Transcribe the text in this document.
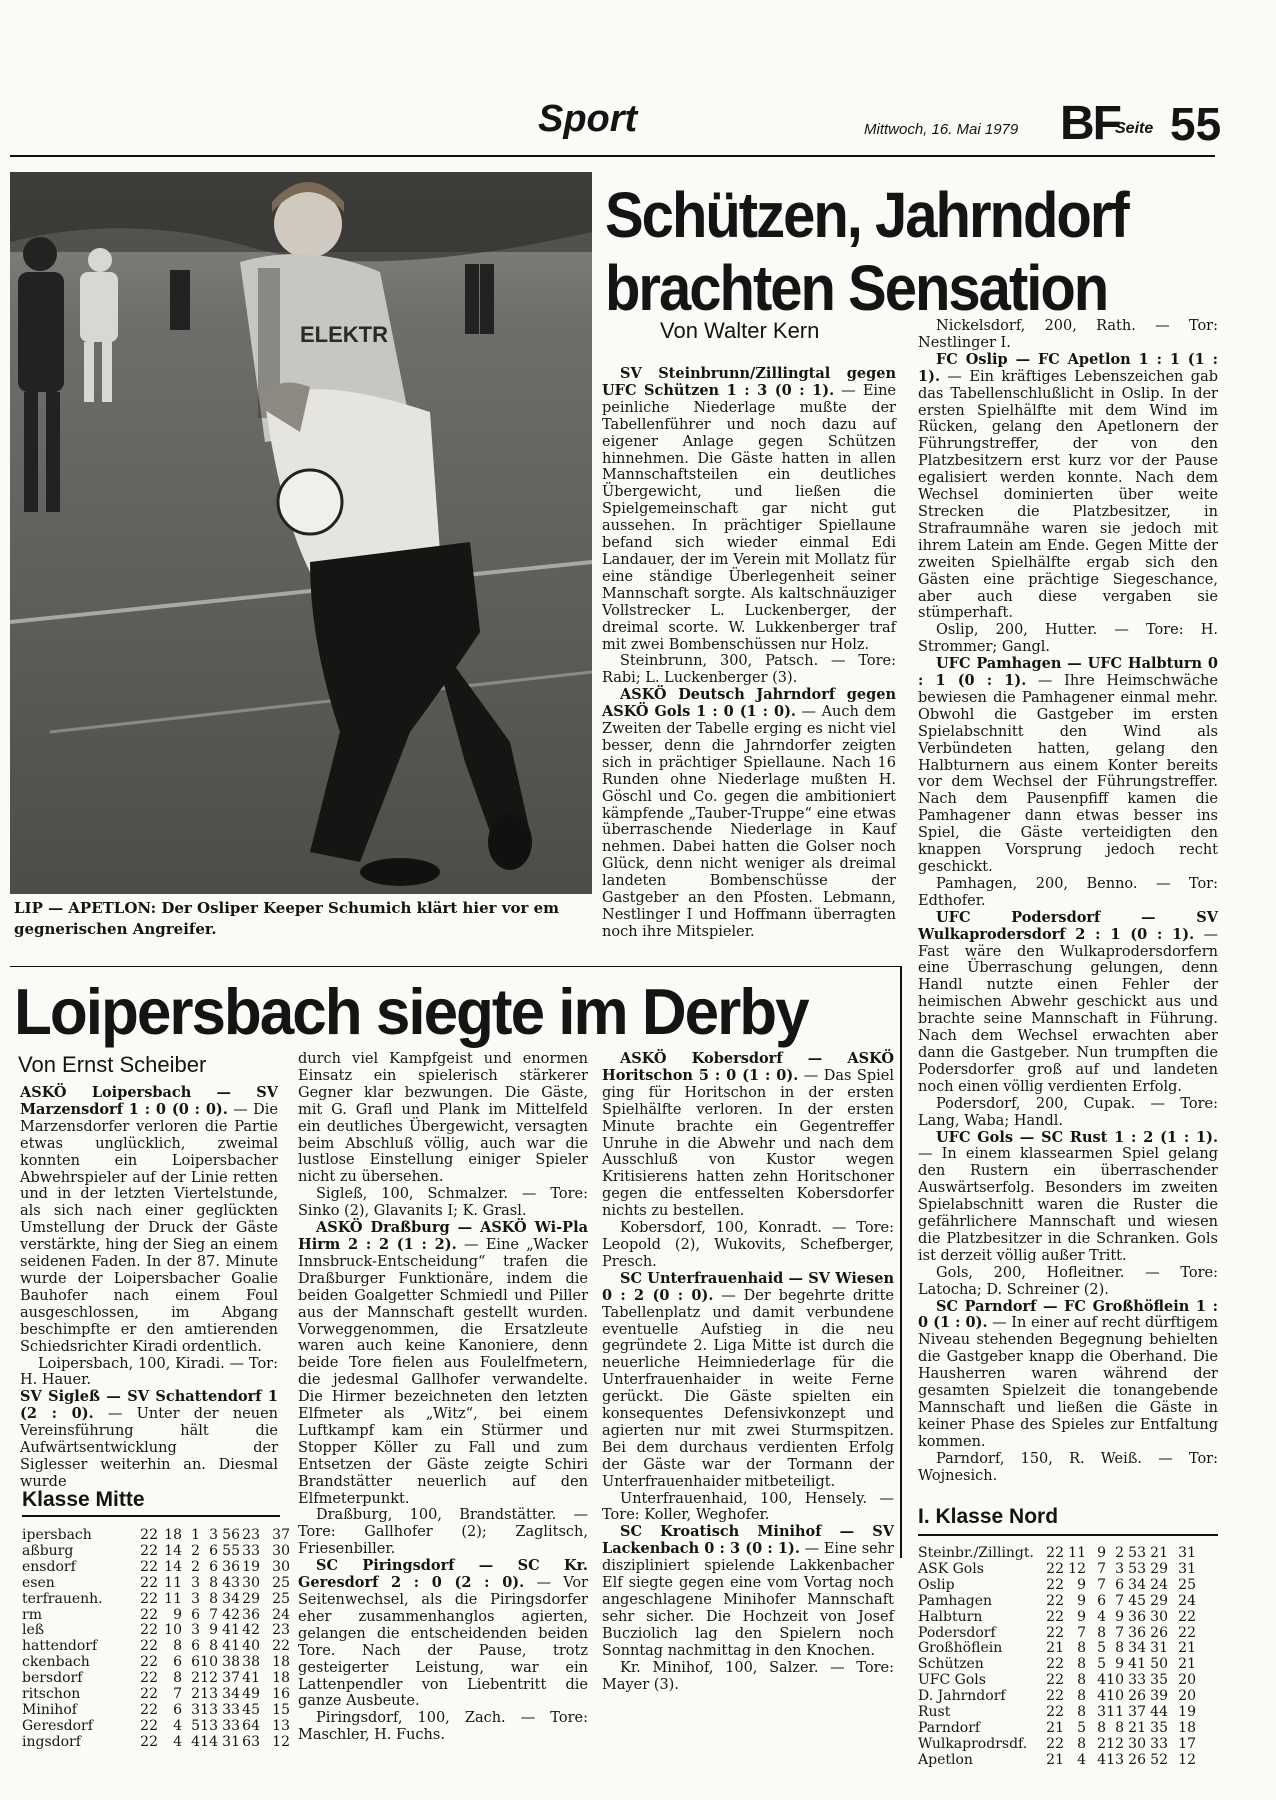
Sport	Mittwoch, 16. Mai 1979 BF
Seite 55
ELEKTR
LIP — APETLON: Der Osliper Keeper Schumich klärt hier vor em gegnerischen Angreifer.
Schützen, Jahrndorf
brachten Sensation
Von Walter Kern

SV Steinbrunn/Zillingtal gegen UFC Schützen 1 : 3 (0 : 1). — Eine peinliche Niederlage mußte der Tabellenführer und noch dazu auf eigener Anlage gegen Schützen hinnehmen. Die Gäste hatten in allen Mannschaftsteilen ein deutliches Übergewicht, und ließen die Spielgemeinschaft gar nicht gut aussehen. In prächtiger Spiellaune befand sich wieder einmal Edi Landauer, der im Verein mit Mollatz für eine ständige Überlegenheit seiner Mannschaft sorgte. Als kaltschnäuziger Vollstrecker L. Luckenberger, der dreimal scorte. W. Lukkenberger traf mit zwei Bombenschüssen nur Holz.

Steinbrunn, 300, Patsch. — Tore: Rabi; L. Luckenberger (3).

ASKÖ Deutsch Jahrndorf gegen ASKÖ Gols 1 : 0 (1 : 0). — Auch dem Zweiten der Tabelle erging es nicht viel besser, denn die Jahrndorfer zeigten sich in prächtiger Spiellaune. Nach 16 Runden ohne Niederlage mußten H. Göschl und Co. gegen die ambitioniert kämpfende „Tauber-Truppe“ eine etwas überraschende Niederlage in Kauf nehmen. Dabei hatten die Golser noch Glück, denn nicht weniger als dreimal landeten Bombenschüsse der Gastgeber an den Pfosten. Lebmann, Nestlinger I und Hoffmann überragten noch ihre Mitspieler.

Nickelsdorf, 200, Rath. — Tor: Nestlinger I.

FC Oslip — FC Apetlon 1 : 1 (1 : 1). — Ein kräftiges Lebenszeichen gab das Tabellenschlußlicht in Oslip. In der ersten Spielhälfte mit dem Wind im Rücken, gelang den Apetlonern der Führungstreffer, der von den Platzbesitzern erst kurz vor der Pause egalisiert werden konnte. Nach dem Wechsel dominierten über weite Strecken die Platzbesitzer, in Strafraumnähe waren sie jedoch mit ihrem Latein am Ende. Gegen Mitte der zweiten Spielhälfte ergab sich den Gästen eine prächtige Siegeschance, aber auch diese vergaben sie stümperhaft.

Oslip, 200, Hutter. — Tore: H. Strommer; Gangl.

UFC Pamhagen — UFC Halbturn 0 : 1 (0 : 1). — Ihre Heimschwäche bewiesen die Pamhagener einmal mehr. Obwohl die Gastgeber im ersten Spielabschnitt den Wind als Verbündeten hatten, gelang den Halbturnern aus einem Konter bereits vor dem Wechsel der Führungstreffer. Nach dem Pausenpfiff kamen die Pamhagener dann etwas besser ins Spiel, die Gäste verteidigten den knappen Vorsprung jedoch recht geschickt.

Pamhagen, 200, Benno. — Tor: Edthofer.

UFC Podersdorf — SV Wulkaprodersdorf 2 : 1 (0 : 1). — Fast wäre den Wulkaprodersdorfern eine Überraschung gelungen, denn Handl nutzte einen Fehler der heimischen Abwehr geschickt aus und brachte seine Mannschaft in Führung. Nach dem Wechsel erwachten aber dann die Gastgeber. Nun trumpften die Podersdorfer groß auf und landeten noch einen völlig verdienten Erfolg.

Podersdorf, 200, Cupak. — Tore: Lang, Waba; Handl.

UFC Gols — SC Rust 1 : 2 (1 : 1). — In einem klassearmen Spiel gelang den Rustern ein überraschender Auswärtserfolg. Besonders im zweiten Spielabschnitt waren die Ruster die gefährlichere Mannschaft und wiesen die Platzbesitzer in die Schranken. Gols ist derzeit völlig außer Tritt.

Gols, 200, Hofleitner. — Tore: Latocha; D. Schreiner (2).

SC Parndorf — FC Großhöflein 1 : 0 (1 : 0). — In einer auf recht dürftigem Niveau stehenden Begegnung behielten die Gastgeber knapp die Oberhand. Die Hausherren waren während der gesamten Spielzeit die tonangebende Mannschaft und ließen die Gäste in keiner Phase des Spieles zur Entfaltung kommen.

Parndorf, 150, R. Weiß. — Tor: Wojnesich.

Loipersbach siegte im Derby
Von Ernst Scheiber

ASKÖ Loipersbach — SV Marzensdorf 1 : 0 (0 : 0). — Die Marzensdorfer verloren die Partie etwas unglücklich, zweimal konnten ein Loipersbacher Abwehrspieler auf der Linie retten und in der letzten Viertelstunde, als sich nach einer geglückten Umstellung der Druck der Gäste verstärkte, hing der Sieg an einem seidenen Faden. In der 87. Minute wurde der Loipersbacher Goalie Bauhofer nach einem Foul ausgeschlossen, im Abgang beschimpfte er den amtierenden Schiedsrichter Kiradi ordentlich.

Loipersbach, 100, Kiradi. — Tor: H. Hauer.

SV Sigleß — SV Schattendorf 1 (2 : 0). — Unter der neuen Vereinsführung hält die Aufwärtsentwicklung der Siglesser weiterhin an. Diesmal wurde

durch viel Kampfgeist und enormen Einsatz ein spielerisch stärkerer Gegner klar bezwungen. Die Gäste, mit G. Grafl und Plank im Mittelfeld ein deutliches Übergewicht, versagten beim Abschluß völlig, auch war die lustlose Einstellung einiger Spieler nicht zu übersehen.

Sigleß, 100, Schmalzer. — Tore: Sinko (2), Glavanits I; K. Grasl.

ASKÖ Draßburg — ASKÖ Wi-Pla Hirm 2 : 2 (1 : 2). — Eine „Wacker Innsbruck-Entscheidung“ trafen die Draßburger Funktionäre, indem die beiden Goalgetter Schmiedl und Piller aus der Mannschaft gestellt wurden. Vorweggenommen, die Ersatzleute waren auch keine Kanoniere, denn beide Tore fielen aus Foulelfmetern, die jedesmal Gallhofer verwandelte. Die Hirmer bezeichneten den letzten Elfmeter als „Witz“, bei einem Luftkampf kam ein Stürmer und Stopper Köller zu Fall und zum Entsetzen der Gäste zeigte Schiri Brandstätter neuerlich auf den Elfmeterpunkt.

Draßburg, 100, Brandstätter. — Tore: Gallhofer (2); Zaglitsch, Friesenbiller.

SC Piringsdorf — SC Kr. Geresdorf 2 : 0 (2 : 0). — Vor Seitenwechsel, als die Piringsdorfer eher zusammenhanglos agierten, gelangen die entscheidenden beiden Tore. Nach der Pause, trotz gesteigerter Leistung, war ein Lattenpendler von Liebentritt die ganze Ausbeute.

Piringsdorf, 100, Zach. — Tore: Maschler, H. Fuchs.

ASKÖ Kobersdorf — ASKÖ Horitschon 5 : 0 (1 : 0). — Das Spiel ging für Horitschon in der ersten Spielhälfte verloren. In der ersten Minute brachte ein Gegentreffer Unruhe in die Abwehr und nach dem Ausschluß von Kustor wegen Kritisierens hatten zehn Horitschoner gegen die entfesselten Kobersdorfer nichts zu bestellen.

Kobersdorf, 100, Konradt. — Tore: Leopold (2), Wukovits, Schefberger, Presch.

SC Unterfrauenhaid — SV Wiesen 0 : 2 (0 : 0). — Der begehrte dritte Tabellenplatz und damit verbundene eventuelle Aufstieg in die neu gegründete 2. Liga Mitte ist durch die neuerliche Heimniederlage für die Unterfrauenhaider in weite Ferne gerückt. Die Gäste spielten ein konsequentes Defensivkonzept und agierten nur mit zwei Sturmspitzen. Bei dem durchaus verdienten Erfolg der Gäste war der Tormann der Unterfrauenhaider mitbeteiligt.

Unterfrauenhaid, 100, Hensely. — Tore: Koller, Weghofer.

SC Kroatisch Minihof — SV Lackenbach 0 : 3 (0 : 1). — Eine sehr diszipliniert spielende Lakkenbacher Elf siegte gegen eine vom Vortag noch angeschlagene Minihofer Mannschaft sehr sicher. Die Hochzeit von Josef Bucziolich lag den Spielern noch Sonntag nachmittag in den Knochen.

Kr. Minihof, 100, Salzer. — Tore: Mayer (3).

Klasse Mitte
ipersbach	22	18	1	3	56	23	37
aßburg	22	14	2	6	55	33	30
ensdorf	22	14	2	6	36	19	30
esen	22	11	3	8	43	30	25
terfrauenh.	22	11	3	8	34	29	25
rm	22	9	6	7	42	36	24
leß	22	10	3	9	41	42	23
hattendorf	22	8	6	8	41	40	22
ckenbach	22	6	6	10	38	38	18
bersdorf	22	8	2	12	37	41	18
ritschon	22	7	2	13	34	49	16
Minihof	22	6	3	13	33	45	15
Geresdorf	22	4	5	13	33	64	13
ingsdorf	22	4	4	14	31	63	12
I. Klasse Nord
Steinbr./Zillingt.	22	11	9	2	53	21	31
ASK Gols	22	12	7	3	53	29	31
Oslip	22	9	7	6	34	24	25
Pamhagen	22	9	6	7	45	29	24
Halbturn	22	9	4	9	36	30	22
Podersdorf	22	7	8	7	36	26	22
Großhöflein	21	8	5	8	34	31	21
Schützen	22	8	5	9	41	50	21
UFC Gols	22	8	4	10	33	35	20
D. Jahrndorf	22	8	4	10	26	39	20
Rust	22	8	3	11	37	44	19
Parndorf	21	5	8	8	21	35	18
Wulkaprodrsdf.	22	8	2	12	30	33	17
Apetlon	21	4	4	13	26	52	12
